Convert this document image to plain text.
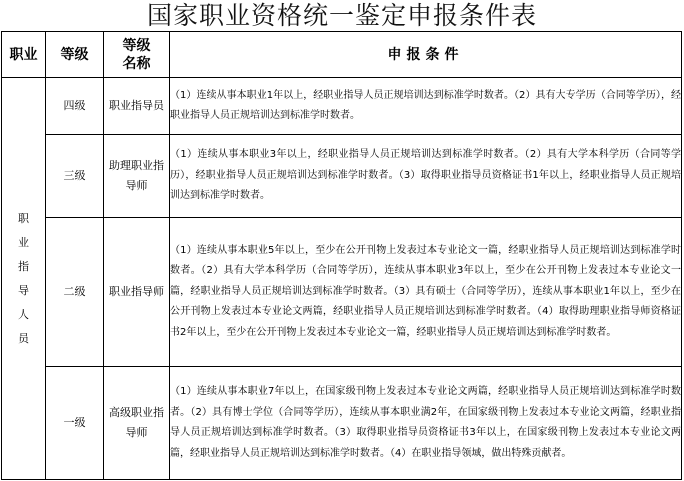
国家职业资格统一鉴定申报条件表
职业	等级	等级名称	申报条件
职业指导人员	四级	职业指导员	（1）连续从事本职业1年以上，经职业指导人员正规培训达到标准学时数者。（2）具有大专学历（合同等学历），经职业指导人员正规培训达到标准学时数者。
	三级	助理职业指导师	（1）连续从事本职业3年以上，经职业指导人员正规培训达到标准学时数者。（2）具有大学本科学历（合同等学历），经职业指导人员正规培训达到标准学时数者。（3）取得职业指导员资格证书1年以上，经职业指导人员正规培训达到标准学时数者。
	二级	职业指导师	（1）连续从事本职业5年以上，至少在公开刊物上发表过本专业论文一篇，经职业指导人员正规培训达到标准学时数者。（2）具有大学本科学历（合同等学历），连续从事本职业3年以上，至少在公开刊物上发表过本专业论文一篇，经职业指导人员正规培训达到标准学时数者。（3）具有硕士（合同等学历），连续从事本职业1年以上，至少在公开刊物上发表过本专业论文两篇，经职业指导人员正规培训达到标准学时数者。（4）取得助理职业指导师资格证书2年以上，至少在公开刊物上发表过本专业论文一篇，经职业指导人员正规培训达到标准学时数者。
	一级	高级职业指导师	（1）连续从事本职业7年以上，在国家级刊物上发表过本专业论文两篇，经职业指导人员正规培训达到标准学时数者。（2）具有博士学位（合同等学历），连续从事本职业满2年，在国家级刊物上发表过本专业论文两篇，经职业指导人员正规培训达到标准学时数者。（3）取得职业指导员资格证书3年以上，在国家级刊物上发表过本专业论文两篇，经职业指导人员正规培训达到标准学时数者。（4）在职业指导领域，做出特殊贡献者。
